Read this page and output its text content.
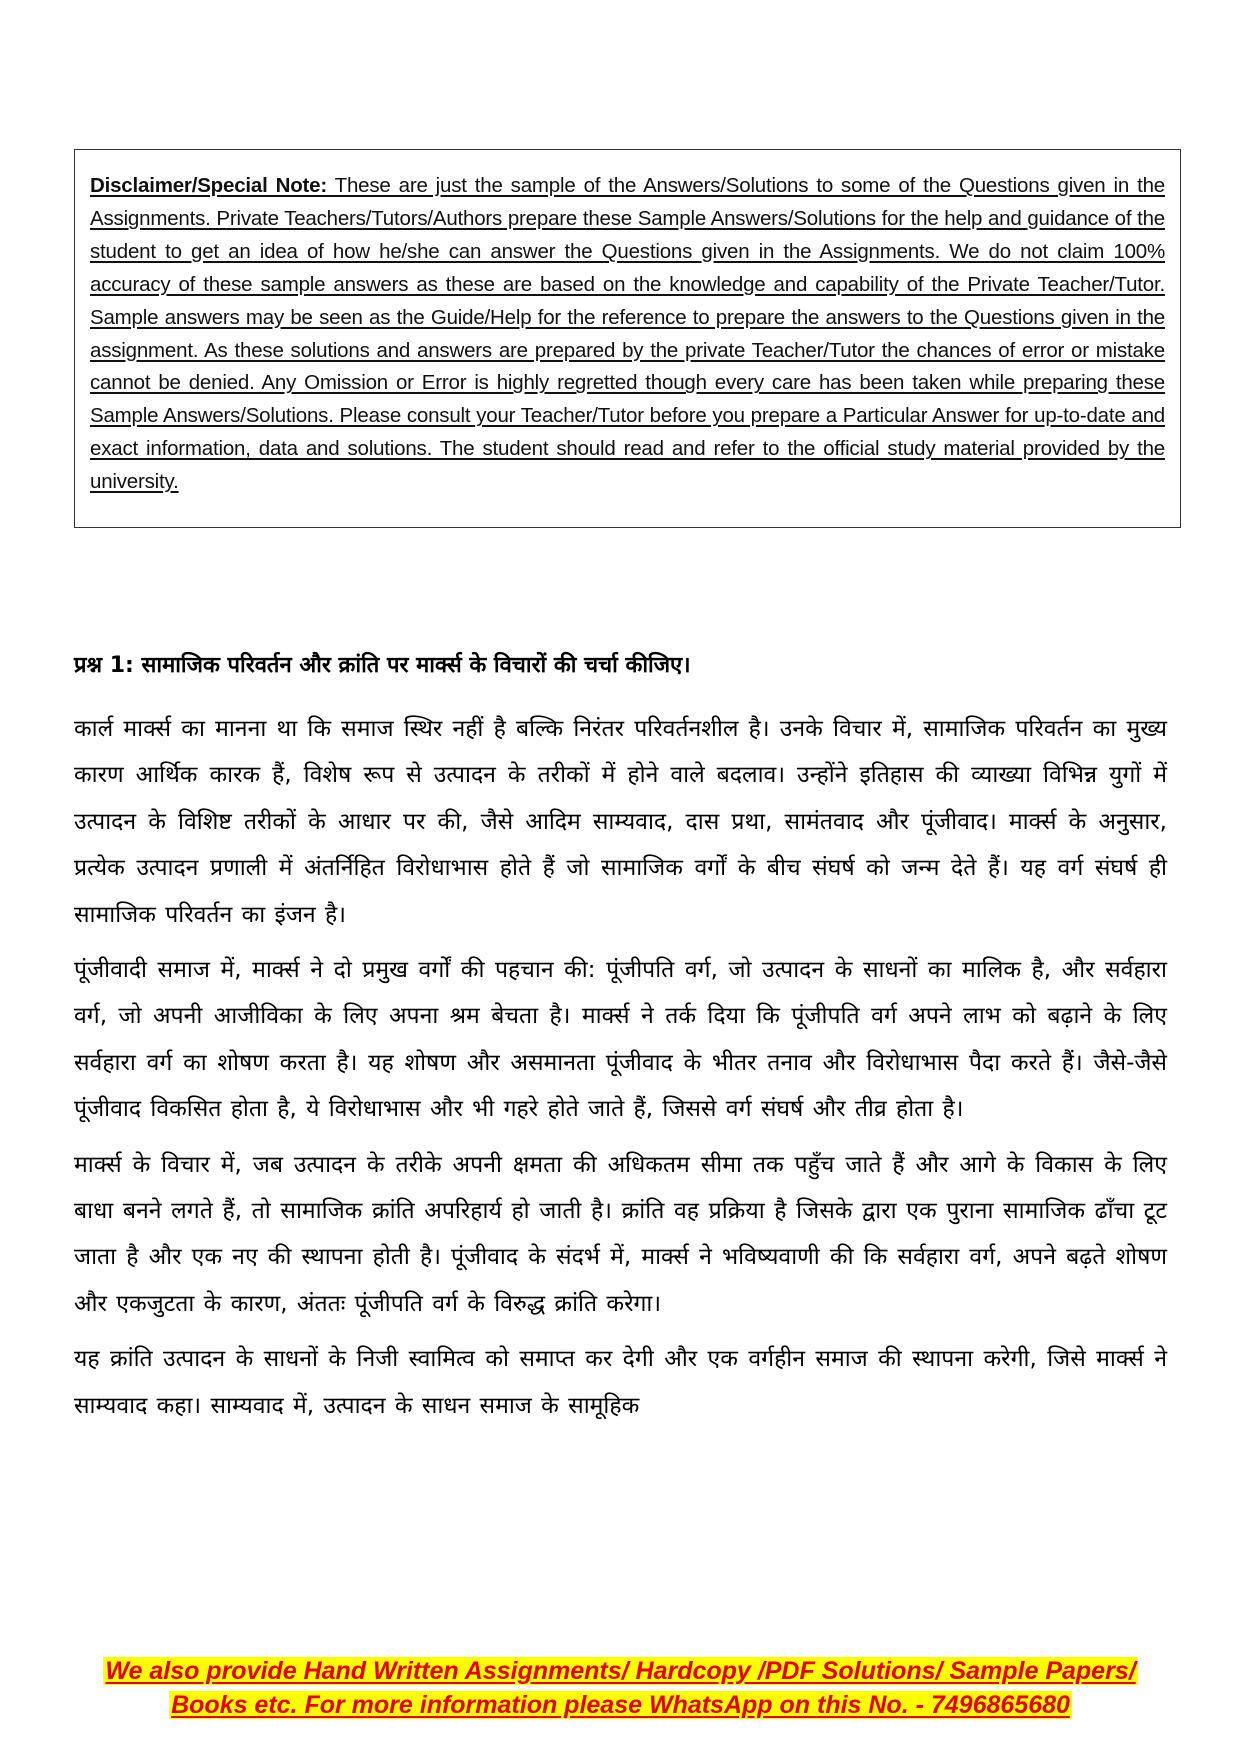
Disclaimer/Special Note: These are just the sample of the Answers/Solutions to some of the Questions given in the Assignments. Private Teachers/Tutors/Authors prepare these Sample Answers/Solutions for the help and guidance of the student to get an idea of how he/she can answer the Questions given in the Assignments. We do not claim 100% accuracy of these sample answers as these are based on the knowledge and capability of the Private Teacher/Tutor. Sample answers may be seen as the Guide/Help for the reference to prepare the answers to the Questions given in the assignment. As these solutions and answers are prepared by the private Teacher/Tutor the chances of error or mistake cannot be denied. Any Omission or Error is highly regretted though every care has been taken while preparing these Sample Answers/Solutions. Please consult your Teacher/Tutor before you prepare a Particular Answer for up-to-date and exact information, data and solutions. The student should read and refer to the official study material provided by the university.
प्रश्न 1: सामाजिक परिवर्तन और क्रांति पर मार्क्स के विचारों की चर्चा कीजिए।

कार्ल मार्क्स का मानना था कि समाज स्थिर नहीं है बल्कि निरंतर परिवर्तनशील है। उनके विचार में, सामाजिक परिवर्तन का मुख्य कारण आर्थिक कारक हैं, विशेष रूप से उत्पादन के तरीकों में होने वाले बदलाव। उन्होंने इतिहास की व्याख्या विभिन्न युगों में उत्पादन के विशिष्ट तरीकों के आधार पर की, जैसे आदिम साम्यवाद, दास प्रथा, सामंतवाद और पूंजीवाद। मार्क्स के अनुसार, प्रत्येक उत्पादन प्रणाली में अंतर्निहित विरोधाभास होते हैं जो सामाजिक वर्गों के बीच संघर्ष को जन्म देते हैं। यह वर्ग संघर्ष ही सामाजिक परिवर्तन का इंजन है।

पूंजीवादी समाज में, मार्क्स ने दो प्रमुख वर्गों की पहचान की: पूंजीपति वर्ग, जो उत्पादन के साधनों का मालिक है, और सर्वहारा वर्ग, जो अपनी आजीविका के लिए अपना श्रम बेचता है। मार्क्स ने तर्क दिया कि पूंजीपति वर्ग अपने लाभ को बढ़ाने के लिए सर्वहारा वर्ग का शोषण करता है। यह शोषण और असमानता पूंजीवाद के भीतर तनाव और विरोधाभास पैदा करते हैं। जैसे-जैसे पूंजीवाद विकसित होता है, ये विरोधाभास और भी गहरे होते जाते हैं, जिससे वर्ग संघर्ष और तीव्र होता है।

मार्क्स के विचार में, जब उत्पादन के तरीके अपनी क्षमता की अधिकतम सीमा तक पहुँच जाते हैं और आगे के विकास के लिए बाधा बनने लगते हैं, तो सामाजिक क्रांति अपरिहार्य हो जाती है। क्रांति वह प्रक्रिया है जिसके द्वारा एक पुराना सामाजिक ढाँचा टूट जाता है और एक नए की स्थापना होती है। पूंजीवाद के संदर्भ में, मार्क्स ने भविष्यवाणी की कि सर्वहारा वर्ग, अपने बढ़ते शोषण और एकजुटता के कारण, अंततः पूंजीपति वर्ग के विरुद्ध क्रांति करेगा।

यह क्रांति उत्पादन के साधनों के निजी स्वामित्व को समाप्त कर देगी और एक वर्गहीन समाज की स्थापना करेगी, जिसे मार्क्स ने साम्यवाद कहा। साम्यवाद में, उत्पादन के साधन समाज के सामूहिक

We also provide Hand Written Assignments/ Hardcopy /PDF Solutions/ Sample Papers/
Books etc. For more information please WhatsApp on this No. - 7496865680
